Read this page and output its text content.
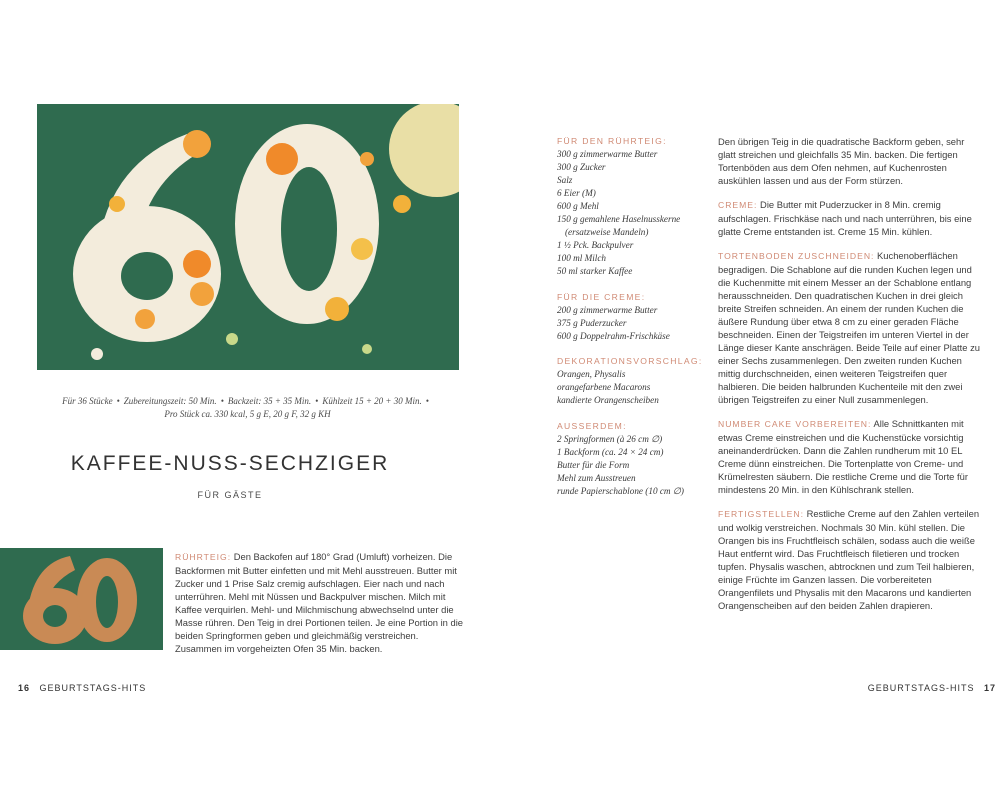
Für 36 Stücke • Zubereitungszeit: 50 Min. • Backzeit: 35 + 35 Min. • Kühlzeit 15 + 20 + 30 Min. •
Pro Stück ca. 330 kcal, 5 g E, 20 g F, 32 g KH
KAFFEE-NUSS-SECHZIGER
FÜR GÄSTE
RÜHRTEIG: Den Backofen auf 180° Grad (Umluft) vorheizen. Die Backformen mit Butter einfetten und mit Mehl ausstreuen. Butter mit Zucker und 1 Prise Salz cremig aufschlagen. Eier nach und nach unterrühren. Mehl mit Nüssen und Backpulver mischen. Milch mit Kaffee verquirlen. Mehl- und Milchmischung abwechselnd unter die Masse rühren. Den Teig in drei Portionen teilen. Je eine Portion in die beiden Springformen geben und gleichmäßig verstreichen. Zusammen im vorgeheizten Ofen 35 Min. backen.
16 GEBURTSTAGS-HITS
FÜR DEN RÜHRTEIG:
300 g zimmerwarme Butter
300 g Zucker
Salz
6 Eier (M)
600 g Mehl
150 g gemahlene Haselnusskerne
(ersatzweise Mandeln)
1 ½ Pck. Backpulver
100 ml Milch
50 ml starker Kaffee
FÜR DIE CREME:
200 g zimmerwarme Butter
375 g Puderzucker
600 g Doppelrahm-Frischkäse
DEKORATIONSVORSCHLAG:
Orangen, Physalis
orangefarbene Macarons
kandierte Orangenscheiben
AUSSERDEM:
2 Springformen (à 26 cm ∅)
1 Backform (ca. 24 × 24 cm)
Butter für die Form
Mehl zum Ausstreuen
runde Papierschablone (10 cm ∅)

Den übrigen Teig in die quadratische Backform geben, sehr glatt streichen und gleichfalls 35 Min. backen. Die fertigen Tortenböden aus dem Ofen nehmen, auf Kuchenrosten auskühlen lassen und aus der Form stürzen.

CREME: Die Butter mit Puderzucker in 8 Min. cremig aufschlagen. Frischkäse nach und nach unterrühren, bis eine glatte Creme entstanden ist. Creme 15 Min. kühlen.

TORTENBODEN ZUSCHNEIDEN: Kuchenoberflächen begradigen. Die Schablone auf die runden Kuchen legen und die Kuchenmitte mit einem Messer an der Schablone entlang herausschneiden. Den quadratischen Kuchen in drei gleich breite Streifen schneiden. An einem der runden Kuchen die äußere Rundung über etwa 8 cm zu einer geraden Fläche beschneiden. Einen der Teigstreifen im unteren Viertel in der Länge dieser Kante anschrägen. Beide Teile auf einer Platte zu einer Sechs zusammenlegen. Den zweiten runden Kuchen mittig durchschneiden, einen weiteren Teigstreifen quer halbieren. Die beiden halbrunden Kuchenteile mit den zwei übrigen Teigstreifen zu einer Null zusammenlegen.

NUMBER CAKE VORBEREITEN: Alle Schnittkanten mit etwas Creme einstreichen und die Kuchenstücke vorsichtig aneinanderdrücken. Dann die Zahlen rundherum mit 10 EL Creme dünn einstreichen. Die Tortenplatte von Creme- und Krümelresten säubern. Die restliche Creme und die Torte für mindestens 20 Min. in den Kühlschrank stellen.

FERTIGSTELLEN: Restliche Creme auf den Zahlen verteilen und wolkig verstreichen. Nochmals 30 Min. kühl stellen. Die Orangen bis ins Fruchtfleisch schälen, sodass auch die weiße Haut entfernt wird. Das Fruchtfleisch filetieren und trocken tupfen. Physalis waschen, abtrocknen und zum Teil halbieren, einige Früchte im Ganzen lassen. Die vorbereiteten Orangenfilets und Physalis mit den Macarons und kandierten Orangenscheiben auf den beiden Zahlen drapieren.

GEBURTSTAGS-HITS 17
